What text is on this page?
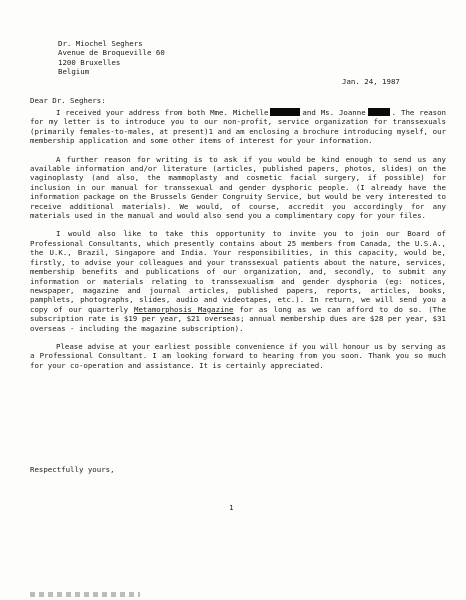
Dr. Miochel Seghers
Avenue de Broqueville 60
1200 Bruxelles
Belgium
Jan. 24, 1987
Dear Dr. Seghers:

I received your address from both Mme. Michelle	and Ms. Joanne	. The reason for my letter is to introduce you to our non-profit, service organization for transsexuals (primarily females-to-males, at present)1 and am enclosing a brochure introducing myself, our membership application and some other items of interest for your information.

A further reason for writing is to ask if you would be kind enough to send us any available information and/or literature (articles, published papers, photos, slides) on the vaginoplasty (and also, the mammoplasty and cosmetic facial surgery, if possible) for inclusion in our manual for transsexual and gender dysphoric people. (I already have the information package on the Brussels Gender Congruity Service, but would be very interested to receive additional materials). We would, of course, accredit you accordingly for any materials used in the manual and would also send you a complimentary copy for your files.

I would also like to take this opportunity to invite you to join our Board of Professional Consultants, which presently contains about 25 members from Canada, the U.S.A., the U.K., Brazil, Singapore and India. Your responsibilities, in this capacity, would be, firstly, to advise your colleagues and your transsexual patients about the nature, services, membership benefits and publications of our organization, and, secondly, to submit any information or materials relating to transsexualism and gender dysphoria (eg: notices, newspaper, magazine and journal articles, published papers, reports, articles, books, pamphlets, photographs, slides, audio and videotapes, etc.). In return, we will send you a copy of our quarterly Metamorphosis Magazine for as long as we can afford to do so. (The subscription rate is $19 per year, $21 overseas; annual membership dues are $28 per year, $31 overseas - including the magazine subscription).

Please advise at your earliest possible convenience if you will honour us by serving as a Professional Consultant. I am looking forward to hearing from you soon. Thank you so much for your co-operation and assistance. It is certainly appreciated.

Respectfully yours,
1
